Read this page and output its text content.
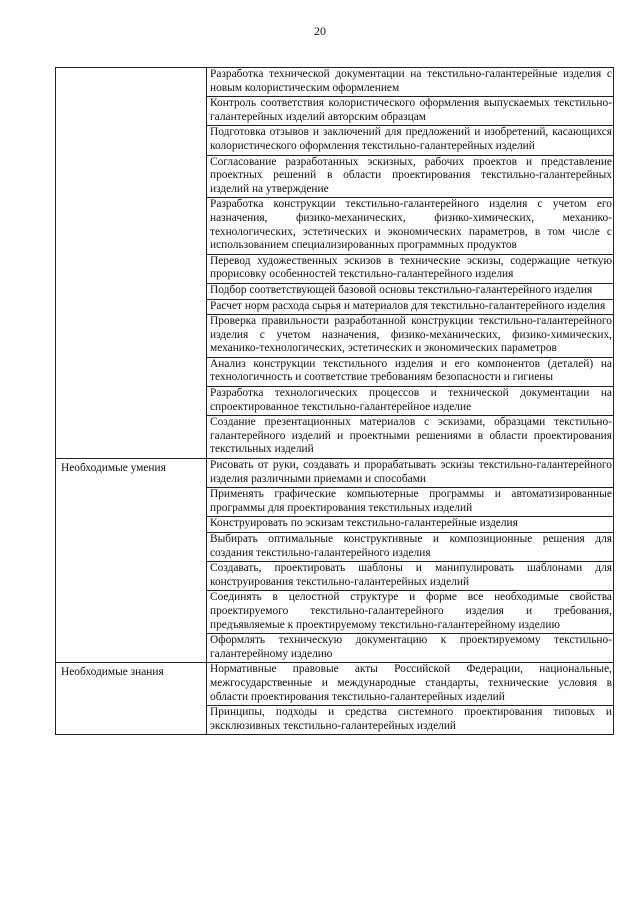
20

	Разработка технической документации на текстильно-галантерейные изделия с новым колористическим оформлением

	Контроль соответствия колористического оформления выпускаемых текстильно-галантерейных изделий авторским образцам

	Подготовка отзывов и заключений для предложений и изобретений, касающихся колористического оформления текстильно-галантерейных изделий

	Согласование разработанных эскизных, рабочих проектов и представление проектных решений в области проектирования текстильно-галантерейных изделий на утверждение

	Разработка конструкции текстильно-галантерейного изделия с учетом его назначения, физико-механических, физико-химических, механико-технологических, эстетических и экономических параметров, в том числе с использованием специализированных программных продуктов

	Перевод художественных эскизов в технические эскизы, содержащие четкую прорисовку особенностей текстильно-галантерейного изделия

	Подбор соответствующей базовой основы текстильно-галантерейного изделия

	Расчет норм расхода сырья и материалов для текстильно-галантерейного изделия

	Проверка правильности разработанной конструкции текстильно-галантерейного изделия с учетом назначения, физико-механических, физико-химических, механико-технологических, эстетических и экономических параметров

	Анализ конструкции текстильного изделия и его компонентов (деталей) на технологичность и соответствие требованиям безопасности и гигиены

	Разработка технологических процессов и технической документации на спроектированное текстильно-галантерейное изделие

	Создание презентационных материалов с эскизами, образцами текстильно-галантерейного изделий и проектными решениями в области проектирования текстильных изделий

Необходимые умения	Рисовать от руки, создавать и прорабатывать эскизы текстильно-галантерейного изделия различными приемами и способами

	Применять графические компьютерные программы и автоматизированные программы для проектирования текстильных изделий

	Конструировать по эскизам текстильно-галантерейные изделия

	Выбирать оптимальные конструктивные и композиционные решения для создания текстильно-галантерейного изделия

	Создавать, проектировать шаблоны и манипулировать шаблонами для конструирования текстильно-галантерейных изделий

	Соединять в целостной структуре и форме все необходимые свойства проектируемого текстильно-галантерейного изделия и требования, предъявляемые к проектируемому текстильно-галантерейному изделию

	Оформлять техническую документацию к проектируемому текстильно-галантерейному изделию

Необходимые знания	Нормативные правовые акты Российской Федерации, национальные, межгосударственные и международные стандарты, технические условия в области проектирования текстильно-галантерейных изделий

	Принципы, подходы и средства системного проектирования типовых и эксклюзивных текстильно-галантерейных изделий
